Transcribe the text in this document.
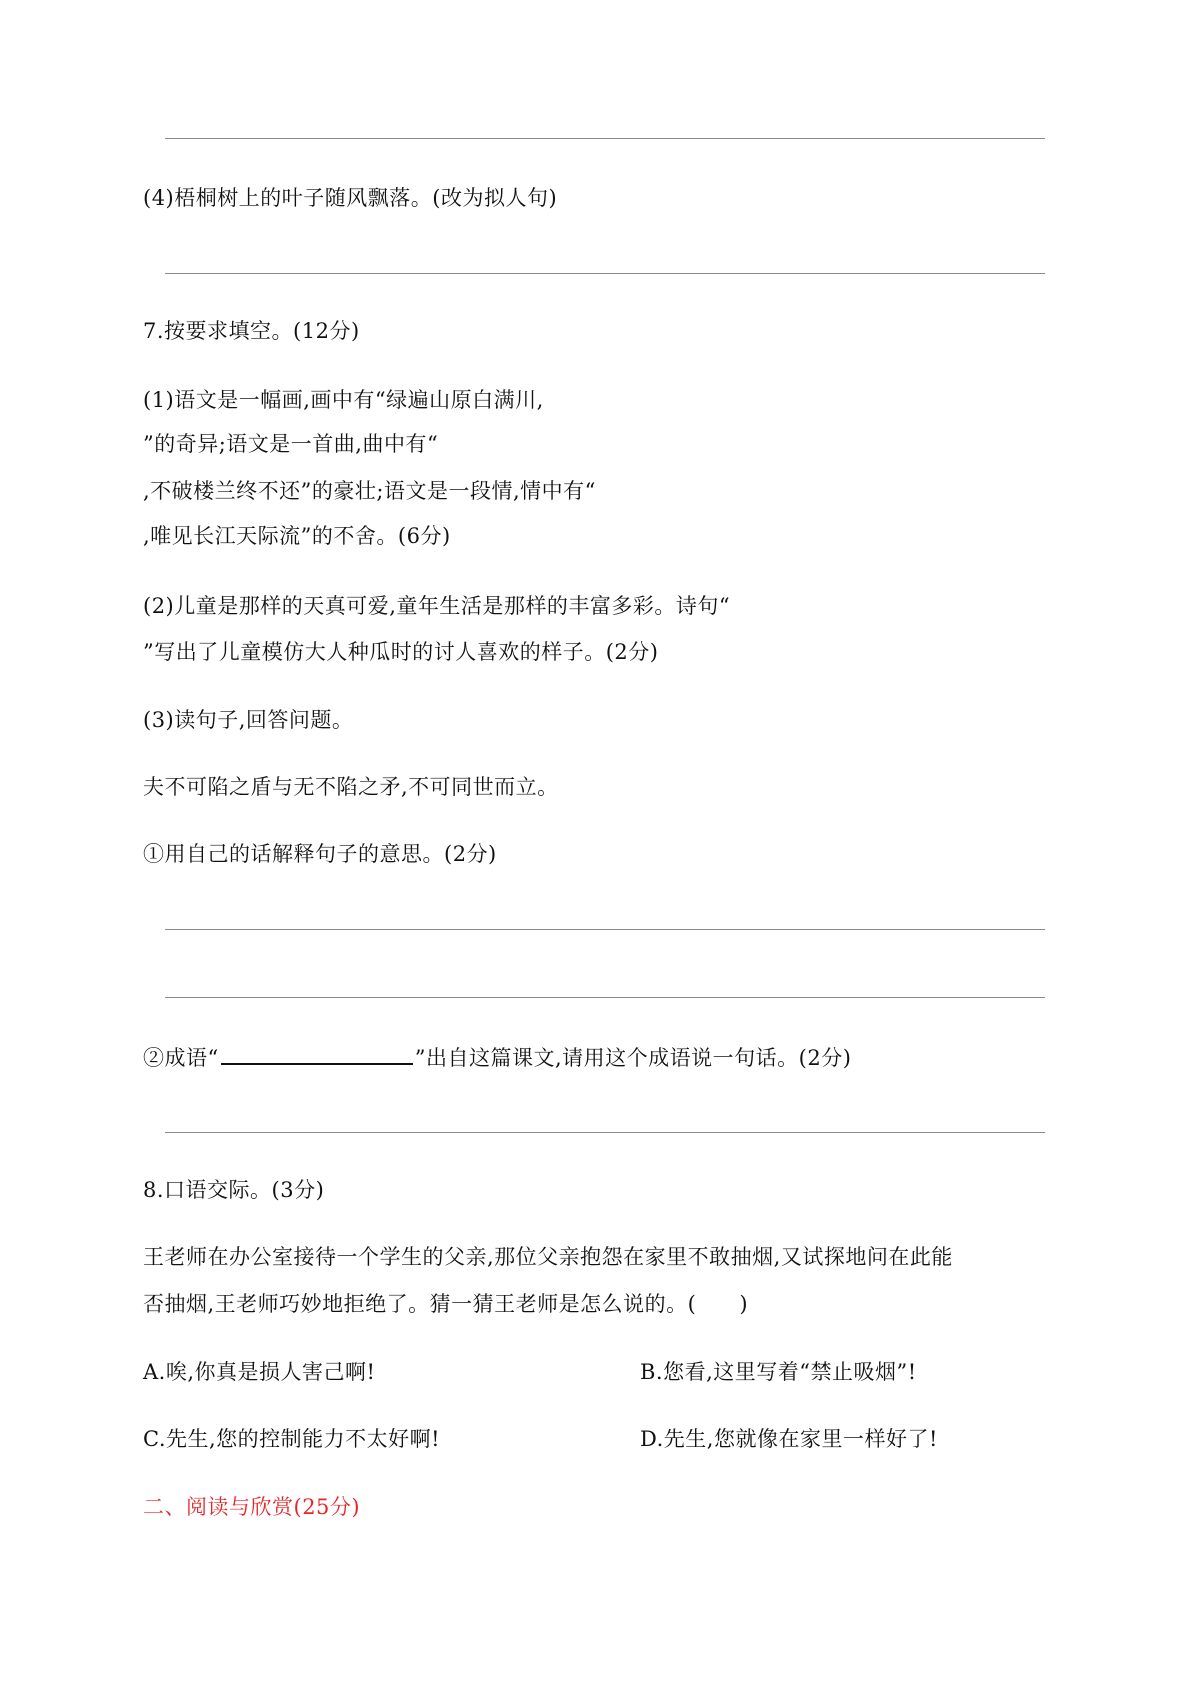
(4)梧桐树上的叶子随风飘落。(改为拟人句)
7.按要求填空。(12分)
(1)语文是一幅画,画中有“绿遍山原白满川,
”的奇异;语文是一首曲,曲中有“
,不破楼兰终不还”的豪壮;语文是一段情,情中有“
,唯见长江天际流”的不舍。(6分)
(2)儿童是那样的天真可爱,童年生活是那样的丰富多彩。诗句“
”写出了儿童模仿大人种瓜时的讨人喜欢的样子。(2分)
(3)读句子,回答问题。
夫不可陷之盾与无不陷之矛,不可同世而立。
①用自己的话解释句子的意思。(2分)
②成语“	”出自这篇课文,请用这个成语说一句话。(2分)
8.口语交际。(3分)
王老师在办公室接待一个学生的父亲,那位父亲抱怨在家里不敢抽烟,又试探地问在此能
否抽烟,王老师巧妙地拒绝了。猜一猜王老师是怎么说的。(　　)
A.唉,你真是损人害己啊!	B.您看,这里写着“禁止吸烟”!
C.先生,您的控制能力不太好啊!	D.先生,您就像在家里一样好了!
二、阅读与欣赏(25分)
